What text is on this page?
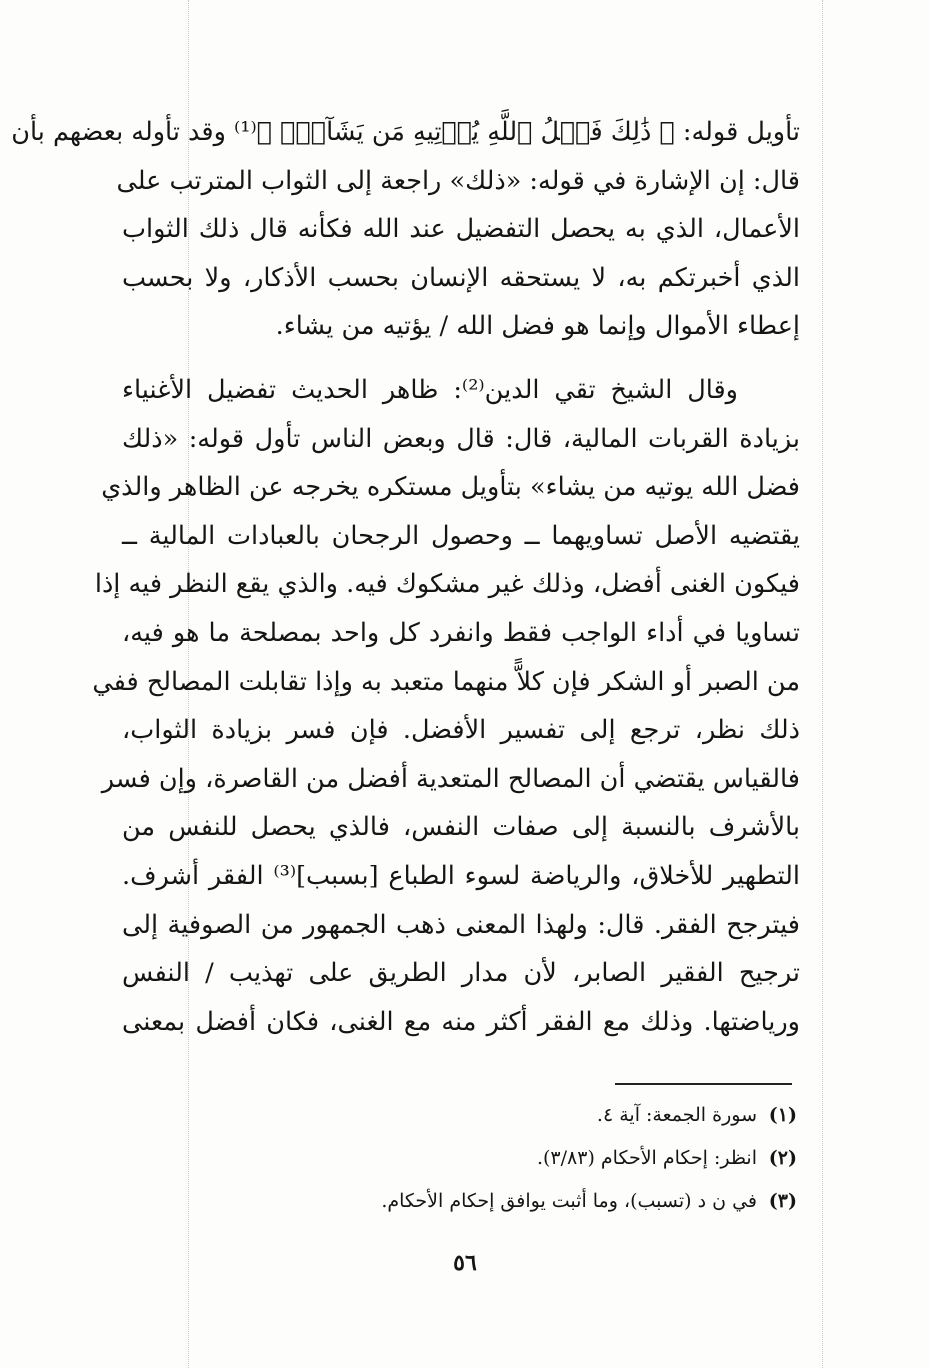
تأويل قوله: ﴿ ذَٰلِكَ فَضۡلُ ٱللَّهِ يُؤۡتِيهِ مَن يَشَآءُۚ ﴾⁽¹⁾ وقد تأوله بعضهم بأن
قال: إن الإشارة في قوله: «ذلك» راجعة إلى الثواب المترتب على
الأعمال، الذي به يحصل التفضيل عند الله فكأنه قال ذلك الثواب
الذي أخبرتكم به، لا يستحقه الإنسان بحسب الأذكار، ولا بحسب
إعطاء الأموال وإنما هو فضل الله / يؤتيه من يشاء.
وقال الشيخ تقي الدين⁽²⁾: ظاهر الحديث تفضيل الأغنياء
بزيادة القربات المالية، قال: قال وبعض الناس تأول قوله: «ذلك
فضل الله يوتيه من يشاء» بتأويل مستكره يخرجه عن الظاهر والذي
يقتضيه الأصل تساويهما ــ وحصول الرجحان بالعبادات المالية ــ
فيكون الغنى أفضل، وذلك غير مشكوك فيه. والذي يقع النظر فيه إذا
تساويا في أداء الواجب فقط وانفرد كل واحد بمصلحة ما هو فيه،
من الصبر أو الشكر فإن كلاًّ منهما متعبد به وإذا تقابلت المصالح ففي
ذلك نظر، ترجع إلى تفسير الأفضل. فإن فسر بزيادة الثواب،
فالقياس يقتضي أن المصالح المتعدية أفضل من القاصرة، وإن فسر
بالأشرف بالنسبة إلى صفات النفس، فالذي يحصل للنفس من
التطهير للأخلاق، والرياضة لسوء الطباع [بسبب]⁽³⁾ الفقر أشرف.
فيترجح الفقر. قال: ولهذا المعنى ذهب الجمهور من الصوفية إلى
ترجيح الفقير الصابر، لأن مدار الطريق على تهذيب / النفس
ورياضتها. وذلك مع الفقر أكثر منه مع الغنى، فكان أفضل بمعنى
(١)سورة الجمعة: آية ٤.
(٢)انظر: إحكام الأحكام (٣/٨٣).
(٣)في ن د (تسبب)، وما أثبت يوافق إحكام الأحكام.
٥٦
